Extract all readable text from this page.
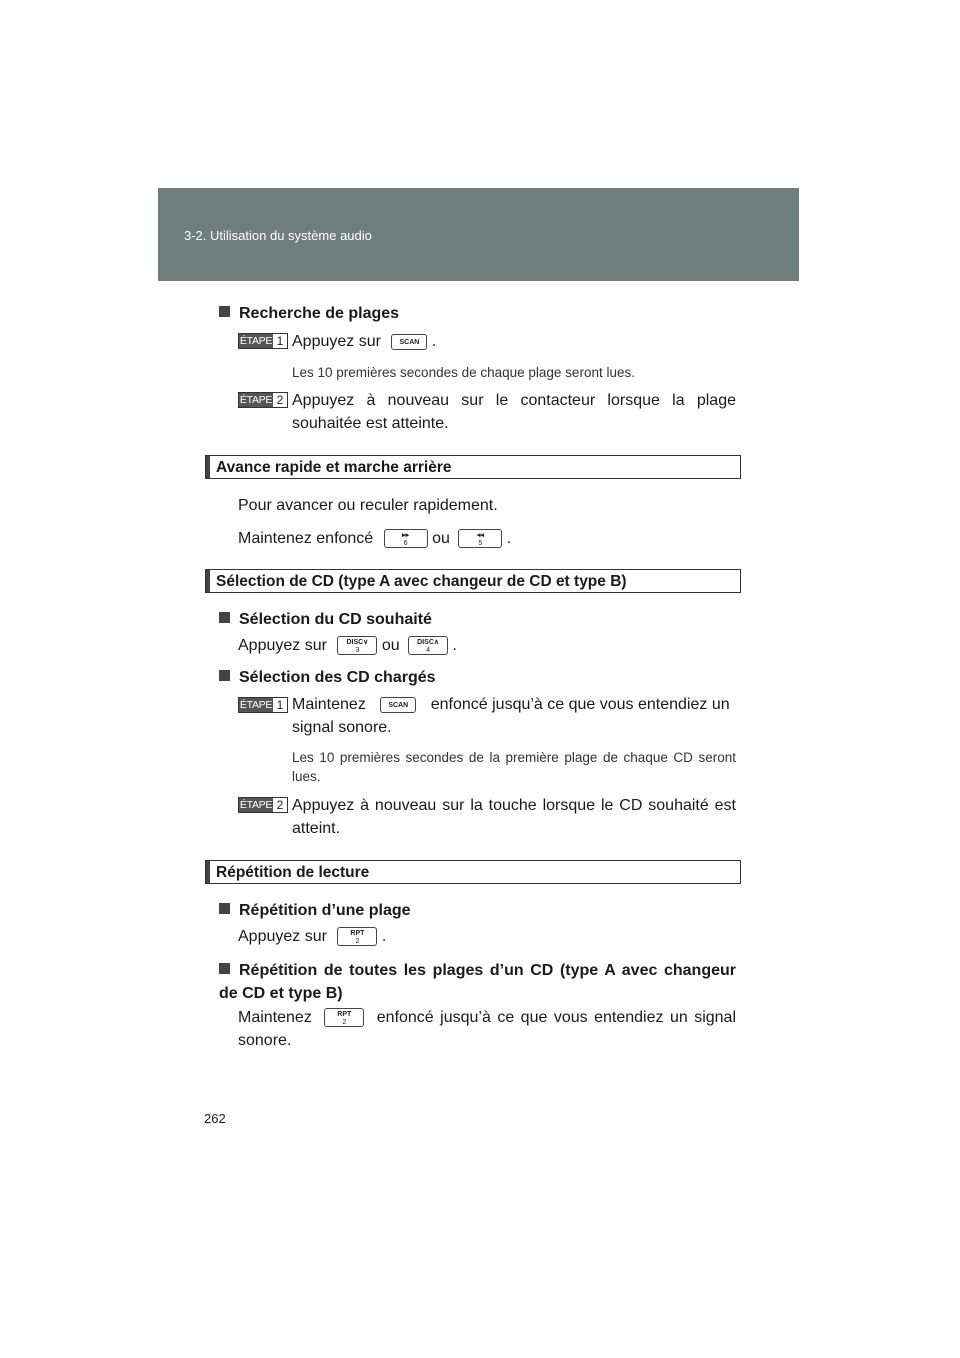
3-2. Utilisation du système audio
Recherche de plages
ÉTAPE 1 Appuyez sur	SCAN .
Les 10 premières secondes de chaque plage seront lues.
ÉTAPE 2 Appuyez à nouveau sur le contacteur lorsque la plage souhaitée est atteinte.
Avance rapide et marche arrière
Pour avancer ou reculer rapidement.
Maintenez enfoncé	▸▸
6	ou	◂◂
5	.
Sélection de CD (type A avec changeur de CD et type B)
Sélection du CD souhaité
Appuyez sur	DISC∨
3	ou	DISC∧
4	.
Sélection des CD chargés
ÉTAPE 1 Maintenez	SCAN	enfoncé jusqu’à ce que vous entendiez un signal sonore.
Les 10 premières secondes de la première plage de chaque CD seront lues.
ÉTAPE 2 Appuyez à nouveau sur la touche lorsque le CD souhaité est atteint.
Répétition de lecture
Répétition d’une plage
Appuyez sur	RPT
2	.
Répétition de toutes les plages d’un CD (type A avec changeur de CD et type B)
Maintenez	RPT
2	enfoncé jusqu’à ce que vous entendiez un signal sonore.
262
